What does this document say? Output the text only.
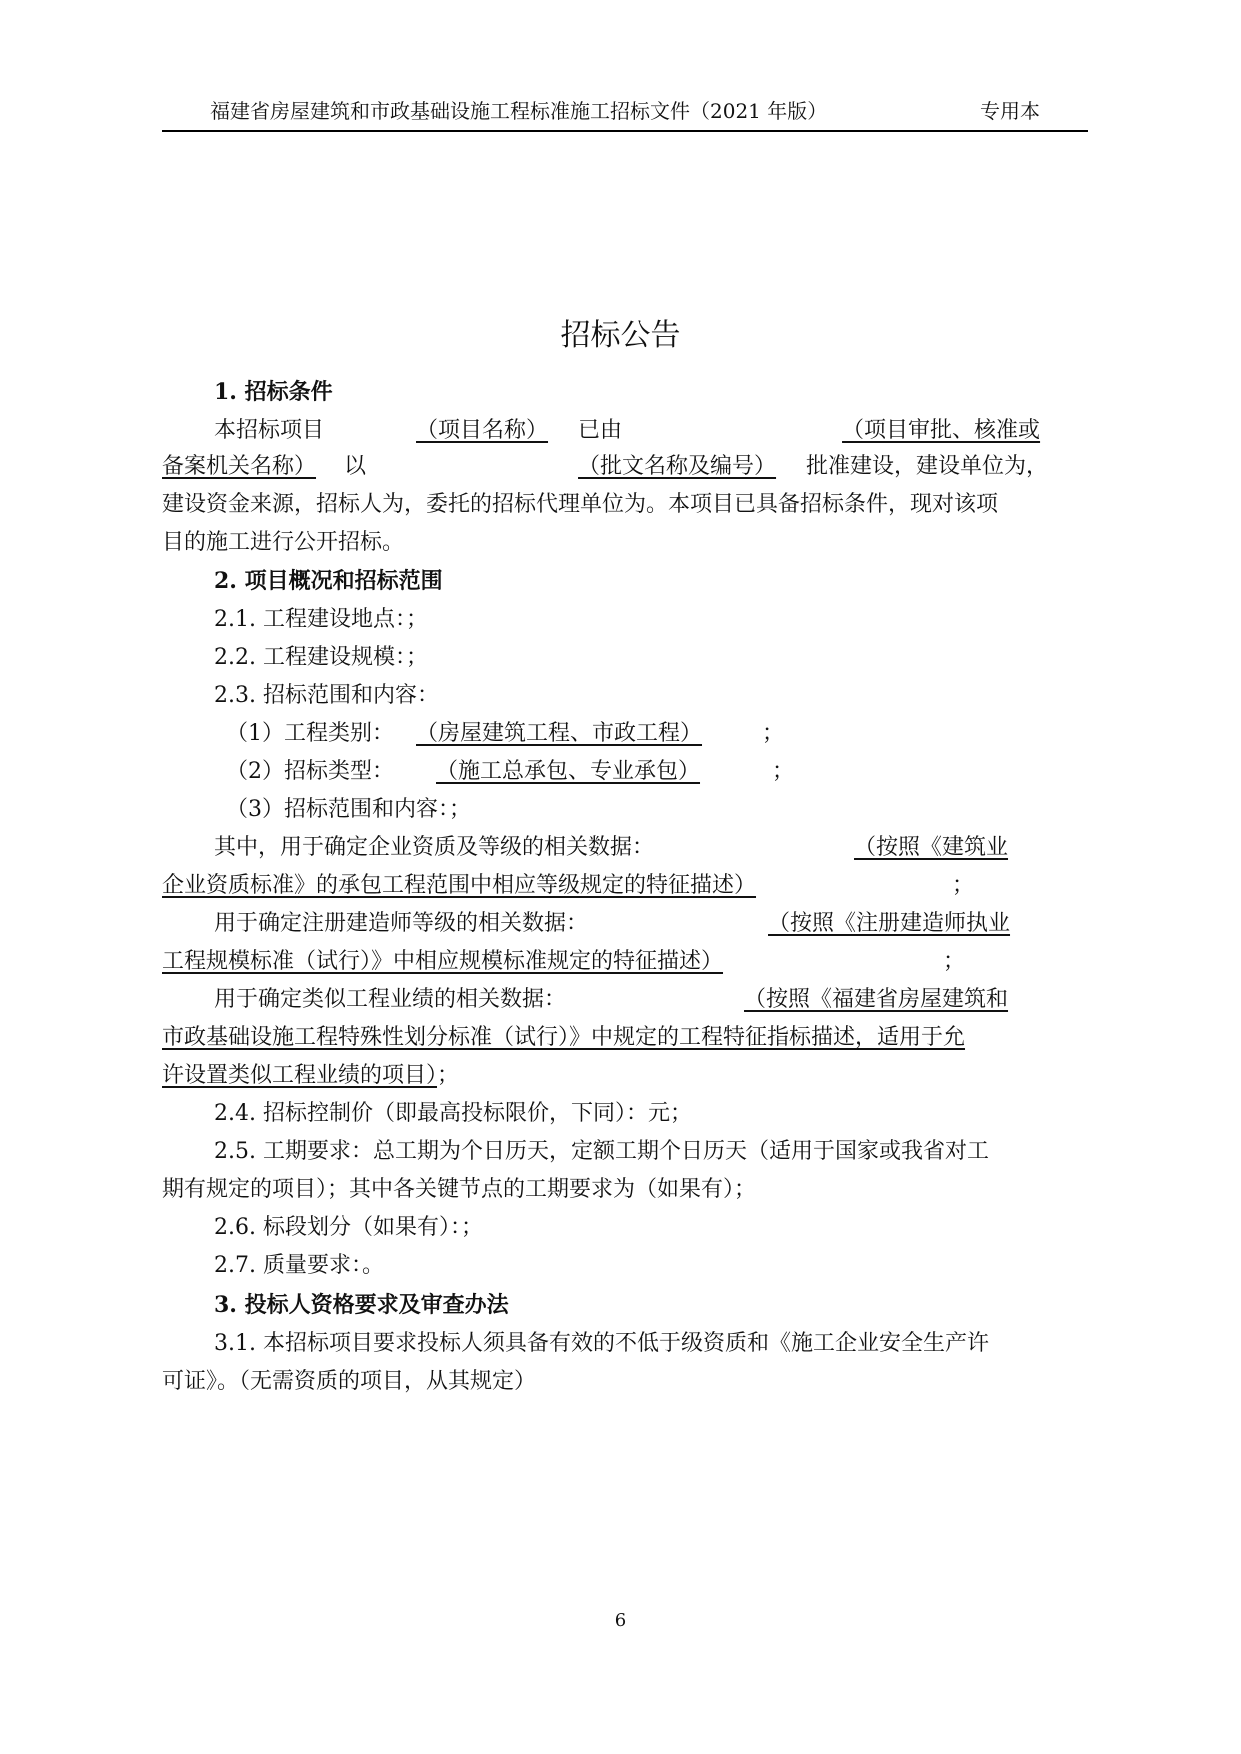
福建省房屋建筑和市政基础设施工程标准施工招标文件（2021 年版）	专用本
招标公告
1. 招标条件
本招标项目	（项目名称） 已由	（项目审批、核准或
备案机关名称） 以	（批文名称及编号） 批准建设，建设单位为，
建设资金来源，招标人为，委托的招标代理单位为。本项目已具备招标条件，现对该项
目的施工进行公开招标。
2. 项目概况和招标范围
2.1. 工程建设地点：；
2.2. 工程建设规模：；
2.3. 招标范围和内容：
（1）工程类别： （房屋建筑工程、市政工程）	；
（2）招标类型： （施工总承包、专业承包）	；
（3）招标范围和内容：；
其中，用于确定企业资质及等级的相关数据：	（按照《建筑业
企业资质标准》的承包工程范围中相应等级规定的特征描述）	；
用于确定注册建造师等级的相关数据：	（按照《注册建造师执业
工程规模标准（试行）》中相应规模标准规定的特征描述）	；
用于确定类似工程业绩的相关数据：	（按照《福建省房屋建筑和
市政基础设施工程特殊性划分标准（试行）》中规定的工程特征指标描述，适用于允
许设置类似工程业绩的项目）；
2.4. 招标控制价（即最高投标限价，下同）：元；
2.5. 工期要求：总工期为个日历天，定额工期个日历天（适用于国家或我省对工
期有规定的项目）；其中各关键节点的工期要求为（如果有）；
2.6. 标段划分（如果有）：；
2.7. 质量要求：。
3. 投标人资格要求及审查办法
3.1. 本招标项目要求投标人须具备有效的不低于级资质和《施工企业安全生产许
可证》。（无需资质的项目，从其规定）
6
